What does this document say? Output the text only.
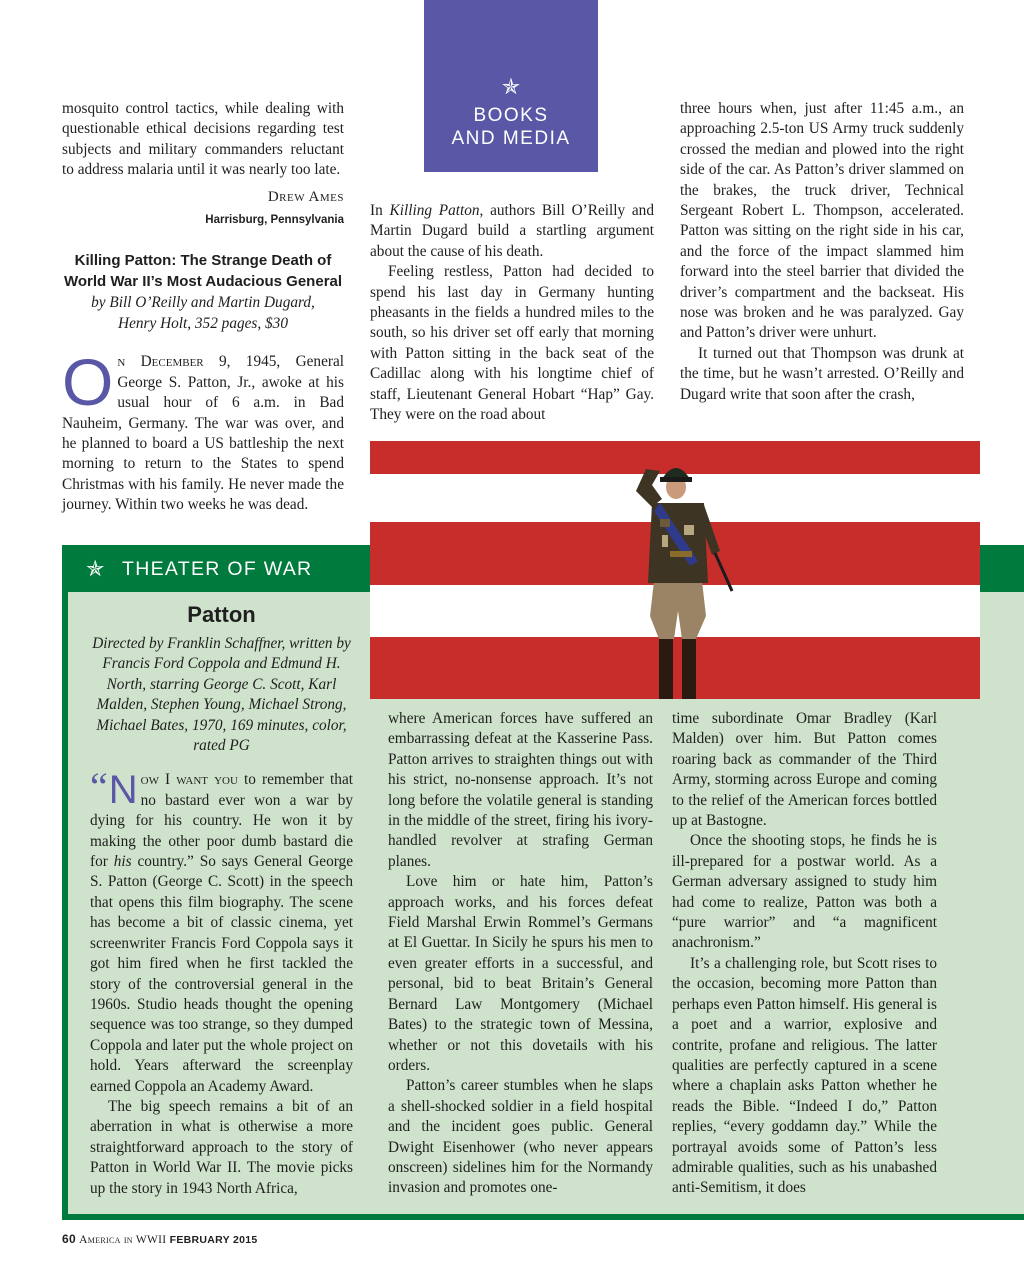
✯
BOOKS
AND MEDIA

mosquito control tactics, while dealing with questionable ethical decisions regarding test subjects and military commanders reluctant to address malaria until it was nearly too late.

Drew Ames
Harrisburg, Pennsylvania
Killing Patton: The Strange Death of World War II’s Most Audacious General
by Bill O’Reilly and Martin Dugard,
Henry Holt, 352 pages, $30

On December 9, 1945, General George S. Patton, Jr., awoke at his usual hour of 6 a.m. in Bad Nauheim, Germany. The war was over, and he planned to board a US battleship the next morning to return to the States to spend Christmas with his family. He never made the journey. Within two weeks he was dead.

In Killing Patton, authors Bill O’Reilly and Martin Dugard build a startling argument about the cause of his death.

Feeling restless, Patton had decided to spend his last day in Germany hunting pheasants in the fields a hundred miles to the south, so his driver set off early that morning with Patton sitting in the back seat of the Cadillac along with his longtime chief of staff, Lieutenant General Hobart “Hap” Gay. They were on the road about

three hours when, just after 11:45 a.m., an approaching 2.5-ton US Army truck suddenly crossed the median and plowed into the right side of the car. As Patton’s driver slammed on the brakes, the truck driver, Technical Sergeant Robert L. Thompson, accelerated. Patton was sitting on the right side in his car, and the force of the impact slammed him forward into the steel barrier that divided the driver’s compartment and the backseat. His nose was broken and he was paralyzed. Gay and Patton’s driver were unhurt.

It turned out that Thompson was drunk at the time, but he wasn’t arrested. O’Reilly and Dugard write that soon after the crash,

✯ THEATER OF WAR
Patton
Directed by Franklin Schaffner, written by Francis Ford Coppola and Edmund H. North, starring George C. Scott, Karl Malden, Stephen Young, Michael Strong, Michael Bates, 1970, 169 minutes, color, rated PG

“ N ow I want you to remember that no bastard ever won a war by dying for his country. He won it by making the other poor dumb bastard die for his country.” So says General George S. Patton (George C. Scott) in the speech that opens this film biography. The scene has become a bit of classic cinema, yet screenwriter Francis Ford Coppola says it got him fired when he first tackled the story of the controversial general in the 1960s. Studio heads thought the opening sequence was too strange, so they dumped Coppola and later put the whole project on hold. Years afterward the screenplay earned Coppola an Academy Award.

The big speech remains a bit of an aberration in what is otherwise a more straightforward approach to the story of Patton in World War II. The movie picks up the story in 1943 North Africa,

where American forces have suffered an embarrassing defeat at the Kasserine Pass. Patton arrives to straighten things out with his strict, no-nonsense approach. It’s not long before the volatile general is standing in the middle of the street, firing his ivory-handled revolver at strafing German planes.

Love him or hate him, Patton’s approach works, and his forces defeat Field Marshal Erwin Rommel’s Germans at El Guettar. In Sicily he spurs his men to even greater efforts in a successful, and personal, bid to beat Britain’s General Bernard Law Montgomery (Michael Bates) to the strategic town of Messina, whether or not this dovetails with his orders.

Patton’s career stumbles when he slaps a shell-shocked soldier in a field hospital and the incident goes public. General Dwight Eisenhower (who never appears onscreen) sidelines him for the Normandy invasion and promotes one-

time subordinate Omar Bradley (Karl Malden) over him. But Patton comes roaring back as commander of the Third Army, storming across Europe and coming to the relief of the American forces bottled up at Bastogne.

Once the shooting stops, he finds he is ill-prepared for a postwar world. As a German adversary assigned to study him had come to realize, Patton was both a “pure warrior” and “a magnificent anachronism.”

It’s a challenging role, but Scott rises to the occasion, becoming more Patton than perhaps even Patton himself. His general is a poet and a warrior, explosive and contrite, profane and religious. The latter qualities are perfectly captured in a scene where a chaplain asks Patton whether he reads the Bible. “Indeed I do,” Patton replies, “every goddamn day.” While the portrayal avoids some of Patton’s less admirable qualities, such as his unabashed anti-Semitism, it does

60 America in WWII FEBRUARY 2015
